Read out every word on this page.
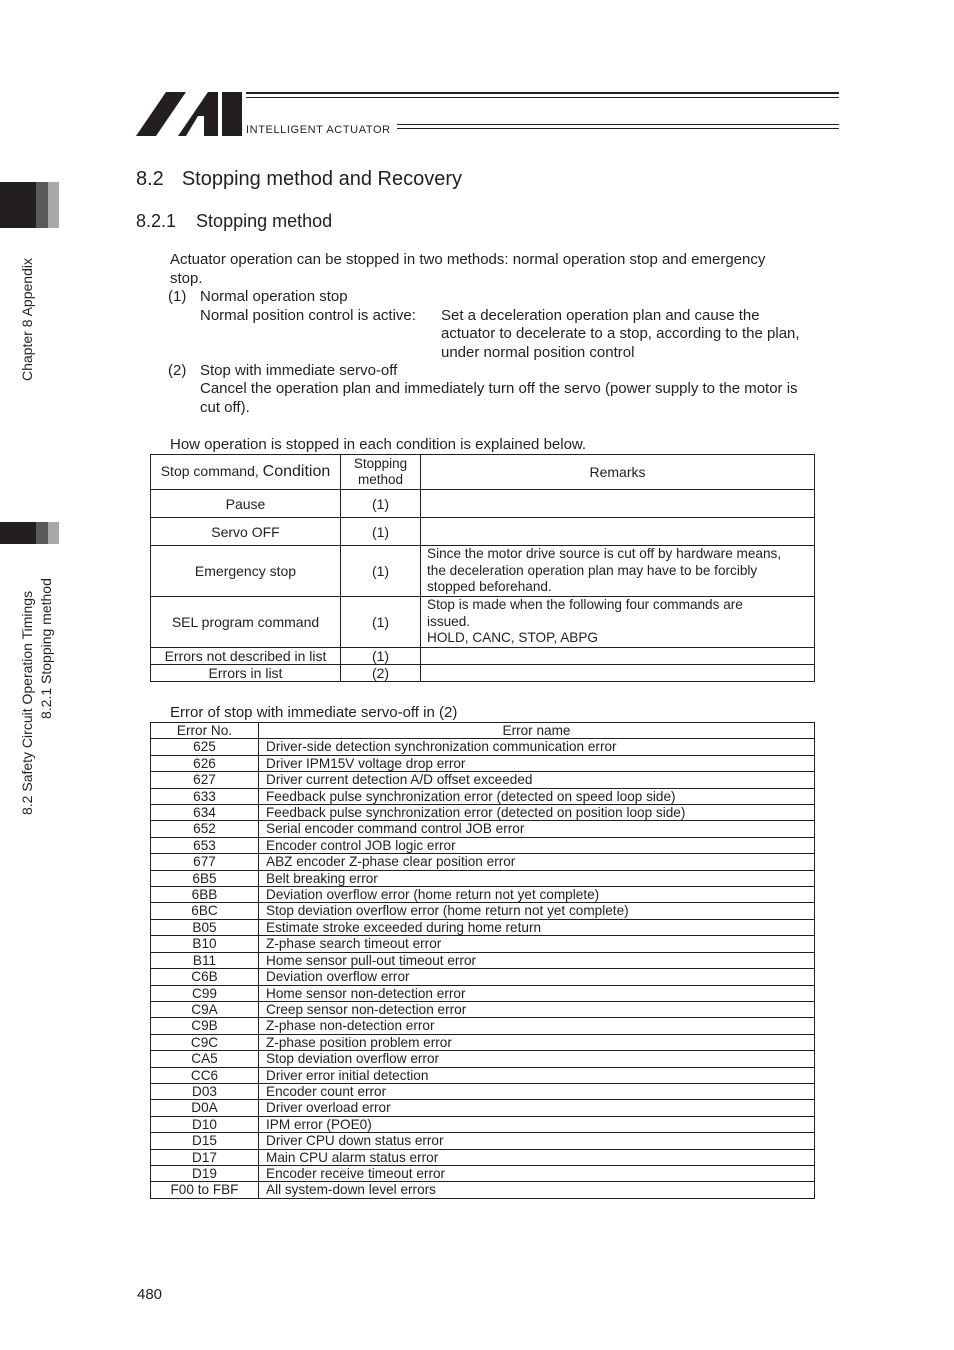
INTELLIGENT ACTUATOR
Chapter 8 Appendix
8.2 Safety Circuit Operation Timings 8.2.1 Stopping method
8.2 Stopping method and Recovery
8.2.1 Stopping method
Actuator operation can be stopped in two methods: normal operation stop and emergency
stop.
(1) Normal operation stop
Normal position control is active: Set a deceleration operation plan and cause the
actuator to decelerate to a stop, according to the plan,
under normal position control
(2) Stop with immediate servo-off
Cancel the operation plan and immediately turn off the servo (power supply to the motor is
cut off).
How operation is stopped in each condition is explained below.
Stop command, Condition	Stopping
method	Remarks
Pause	(1)	
Servo OFF	(1)	
Emergency stop	(1)	Since the motor drive source is cut off by hardware means,
the deceleration operation plan may have to be forcibly
stopped beforehand.

SEL program command	(1)	Stop is made when the following four commands are
issued.
HOLD, CANC, STOP, ABPG

Errors not described in list	(1)	
Errors in list	(2)	
Error of stop with immediate servo-off in (2)
Error No.	Error name
625	Driver-side detection synchronization communication error
626	Driver IPM15V voltage drop error
627	Driver current detection A/D offset exceeded
633	Feedback pulse synchronization error (detected on speed loop side)
634	Feedback pulse synchronization error (detected on position loop side)
652	Serial encoder command control JOB error
653	Encoder control JOB logic error
677	ABZ encoder Z-phase clear position error
6B5	Belt breaking error
6BB	Deviation overflow error (home return not yet complete)
6BC	Stop deviation overflow error (home return not yet complete)
B05	Estimate stroke exceeded during home return
B10	Z-phase search timeout error
B11	Home sensor pull-out timeout error
C6B	Deviation overflow error
C99	Home sensor non-detection error
C9A	Creep sensor non-detection error
C9B	Z-phase non-detection error
C9C	Z-phase position problem error
CA5	Stop deviation overflow error
CC6	Driver error initial detection
D03	Encoder count error
D0A	Driver overload error
D10	IPM error (POE0)
D15	Driver CPU down status error
D17	Main CPU alarm status error
D19	Encoder receive timeout error
F00 to FBF	All system-down level errors
480
